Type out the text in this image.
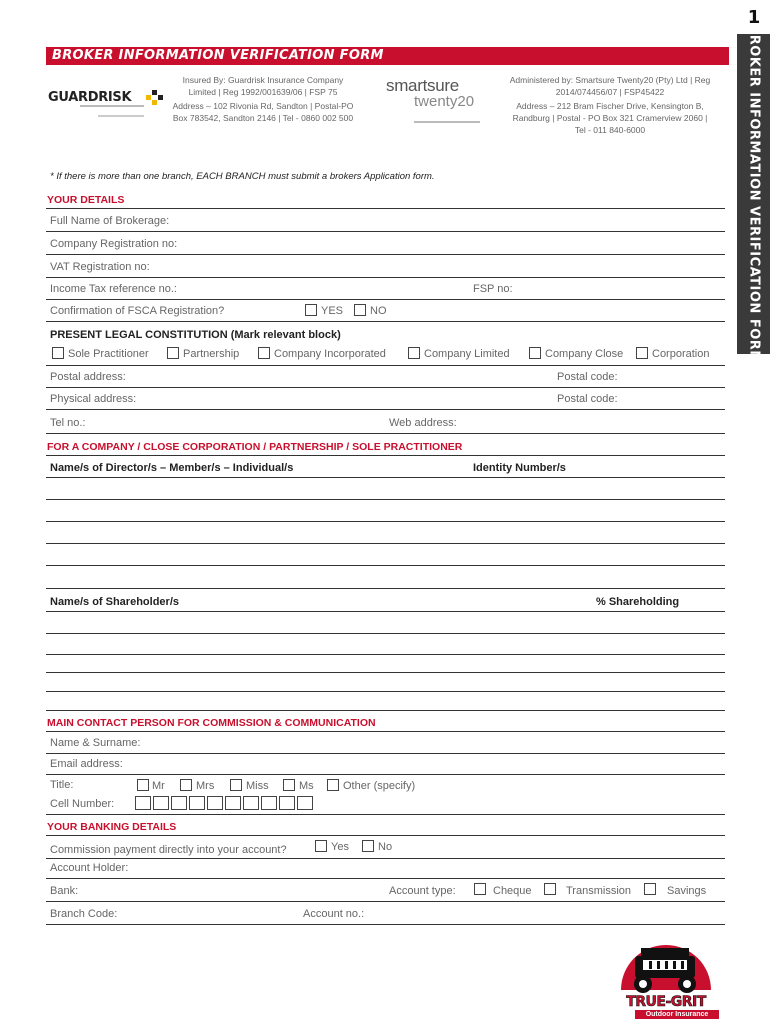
1
BROKER INFORMATION VERIFICATION FORM
BROKER INFORMATION VERIFICATION FORM
GUARDRISK
Insured By: Guardrisk Insurance Company Limited | Reg 1992/001639/06 | FSP 75
Address – 102 Rivonia Rd, Sandton | Postal-PO Box 783542, Sandton 2146 | Tel - 0860 002 500
smartsure
twenty20
Administered by: Smartsure Twenty20 (Pty) Ltd | Reg 2014/074456/07 | FSP45422
Address – 212 Bram Fischer Drive, Kensington B, Randburg | Postal - PO Box 321 Cramerview 2060 | Tel - 011 840-6000
* If there is more than one branch, EACH BRANCH must submit a brokers Application form.
YOUR DETAILS
Full Name of Brokerage:
Company Registration no:
VAT Registration no:
Income Tax reference no.:	FSP no:
Confirmation of FSCA Registration?	YES NO
PRESENT LEGAL CONSTITUTION (Mark relevant block)
Sole Practitioner	Partnership	Company Incorporated	Company Limited	Company Close	Corporation
Postal address:	Postal code:
Physical address:	Postal code:
Tel no.:	Web address:
FOR A COMPANY / CLOSE CORPORATION / PARTNERSHIP / SOLE PRACTITIONER
Name/s of Director/s – Member/s – Individual/s	Identity Number/s
Name/s of Shareholder/s	% Shareholding
MAIN CONTACT PERSON FOR COMMISSION & COMMUNICATION
Name & Surname:
Email address:
Title:	Mr	Mrs	Miss	Ms	Other (specify)
Cell Number:
YOUR BANKING DETAILS
Commission payment directly into your account?	Yes	No
Account Holder:
Bank:	Account type:	Cheque	Transmission	Savings
Branch Code:	Account no.:
TRUE-GRIT
Outdoor Insurance
